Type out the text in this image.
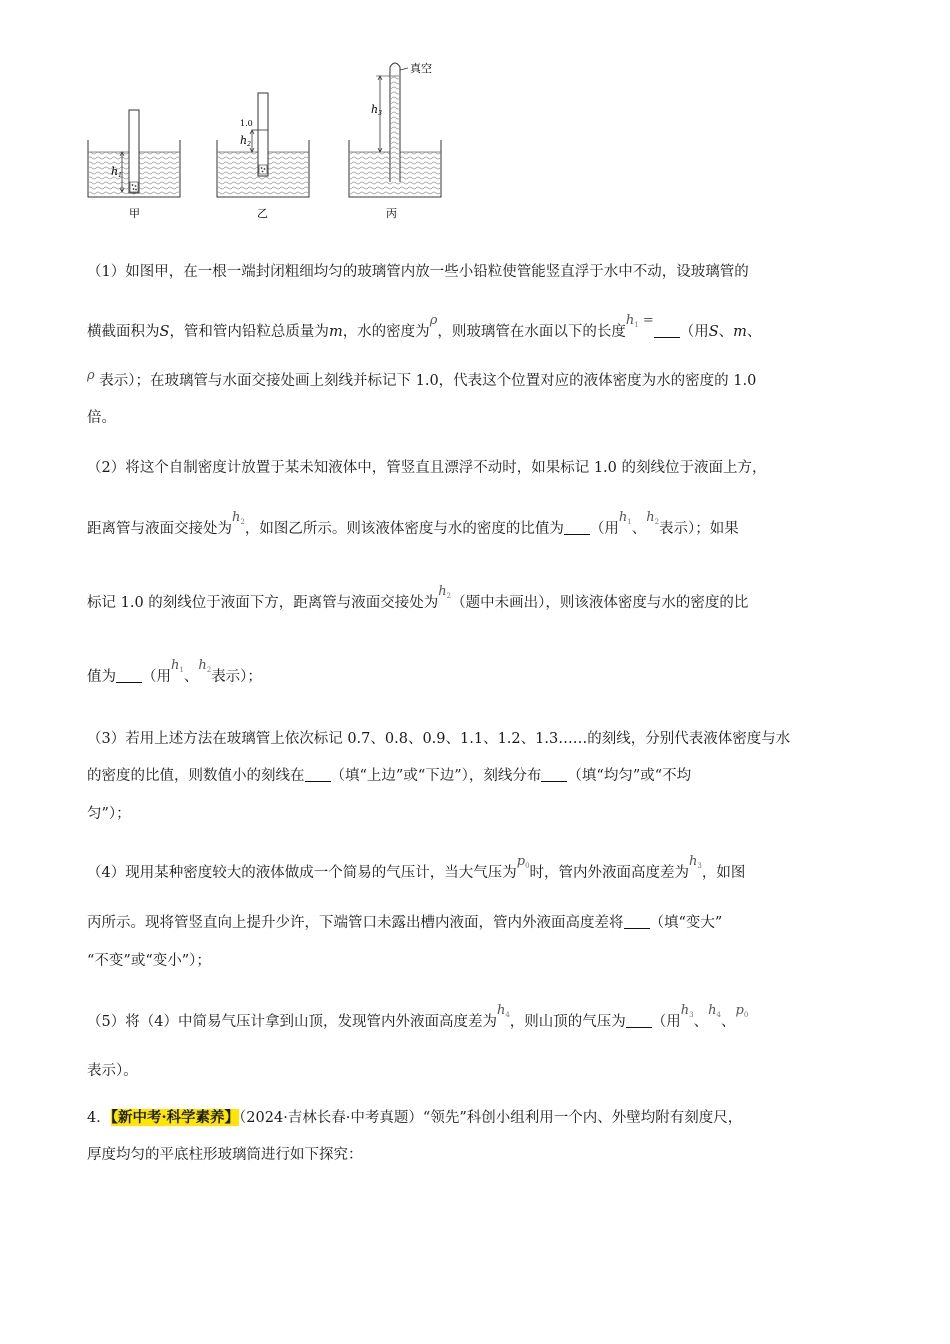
h1
甲
1.0
h2
乙
真空
h3
丙
（1）如图甲，在一根一端封闭粗细均匀的玻璃管内放一些小铅粒使管能竖直浮于水中不动，设玻璃管的
横截面积为S，管和管内铅粒总质量为m，水的密度为ρ，则玻璃管在水面以下的长度$h_1$ =（用S、m、
ρ 表示）；在玻璃管与水面交接处画上刻线并标记下 1.0，代表这个位置对应的液体密度为水的密度的 1.0
倍。
（2）将这个自制密度计放置于某未知液体中，管竖直且漂浮不动时，如果标记 1.0 的刻线位于液面上方，
距离管与液面交接处为$h_2$，如图乙所示。则该液体密度与水的密度的比值为 （用$h_1$、$h_2$表示）；如果
标记 1.0 的刻线位于液面下方，距离管与液面交接处为$h_2$（题中未画出），则该液体密度与水的密度的比
值为 （用$h_1$、$h_2$表示）；
（3）若用上述方法在玻璃管上依次标记 0.7、0.8、0.9、1.1、1.2、1.3……的刻线，分别代表液体密度与水
的密度的比值，则数值小的刻线在 （填“上边”或“下边”），刻线分布 （填“均匀”或“不均
匀”）；
（4）现用某种密度较大的液体做成一个简易的气压计，当大气压为$p_0$时，管内外液面高度差为$h_3$，如图
丙所示。现将管竖直向上提升少许，下端管口未露出槽内液面，管内外液面高度差将 （填“变大”
“不变”或“变小”）；
（5）将（4）中简易气压计拿到山顶，发现管内外液面高度差为$h_4$，则山顶的气压为 （用$h_3$、$h_4$、$p_0$
表示）。
4．【新中考·科学素养】（2024·吉林长春·中考真题）“领先”科创小组利用一个内、外壁均附有刻度尺，
厚度均匀的平底柱形玻璃筒进行如下探究：
